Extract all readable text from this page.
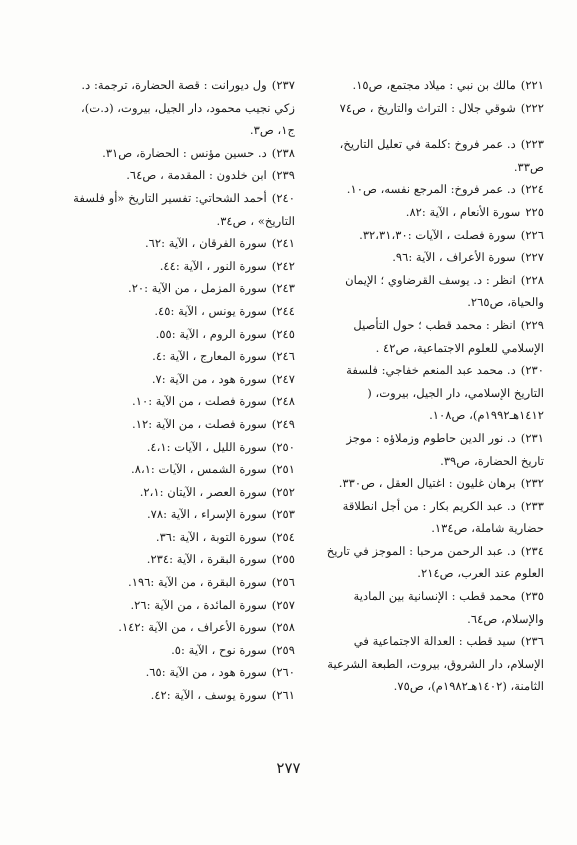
٢٢١)مالك بن نبي : ميلاد مجتمع، ص١٥.

٢٢٢)شوقي جلال : التراث والتاريخ ، ص٧٤

٢٢٣)د. عمر فروخ :كلمة في تعليل التاريخ، ص٣٣.

٢٢٤)د. عمر فروخ: المرجع نفسه، ص١٠.

٢٢٥سورة الأنعام ، الآية :٨٢.

٢٢٦)سورة فصلت ، الآيات :٣٢،٣١،٣٠.

٢٢٧)سورة الأعراف ، الآية :٩٦.

٢٢٨)انظر : د. يوسف القرضاوي ؛ الإيمان والحياة، ص٢٦٥.

٢٢٩)انظر : محمد قطب ؛ حول التأصيل الإسلامي للعلوم الاجتماعية، ص٤٢ .

٢٣٠)د. محمد عبد المنعم خفاجي: فلسفة التاريخ الإسلامي، دار الجيل، بيروت، ( ١٤١٢هـ١٩٩٢م)، ص١٠٨.

٢٣١)د. نور الدين حاطوم وزملاؤه : موجز تاريخ الحضارة، ص٣٩.

٢٣٢)برهان غليون : اغتيال العقل ، ص٣٣٠.

٢٣٣)د. عبد الكريم بكار : من أجل انطلاقة حضارية شاملة، ص١٣٤.

٢٣٤)د. عبد الرحمن مرحبا : الموجز في تاريخ العلوم عند العرب، ص٢١٤.

٢٣٥)محمد قطب : الإنسانية بين المادية والإسلام، ص٦٤.

٢٣٦)سيد قطب : العدالة الاجتماعية في الإسلام، دار الشروق، بيروت، الطبعة الشرعية الثامنة، (١٤٠٢هـ١٩٨٢م)، ص٧٥.

٢٣٧)ول ديورانت : قصة الحضارة، ترجمة: د. زكي نجيب محمود، دار الجيل، بيروت، (د.ت)، ج١، ص٣.

٢٣٨)د. حسين مؤنس : الحضارة، ص٣١.

٢٣٩)ابن خلدون : المقدمة ، ص٦٤.

٢٤٠)أحمد الشحاتي: تفسير التاريخ «أو فلسفة التاريخ» ، ص٣٤.

٢٤١)سورة الفرقان ، الآية :٦٢.

٢٤٢)سورة النور ، الآية :٤٤.

٢٤٣)سورة المزمل ، من الآية :٢٠.

٢٤٤)سورة يونس ، الآية :٤٥.

٢٤٥)سورة الروم ، الآية :٥٥.

٢٤٦)سورة المعارج ، الآية :٤.

٢٤٧)سورة هود ، من الآية :٧.

٢٤٨)سورة فصلت ، من الآية :١٠.

٢٤٩)سورة فصلت ، من الآية :١٢.

٢٥٠)سورة الليل ، الآيات :٤،١.

٢٥١)سورة الشمس ، الآيات :٨،١.

٢٥٢)سورة العصر ، الآيتان :٢،١.

٢٥٣)سورة الإسراء ، الآية :٧٨.

٢٥٤)سورة التوبة ، الآية :٣٦.

٢٥٥)سورة البقرة ، الآية :٢٣٤.

٢٥٦)سورة البقرة ، من الآية :١٩٦.

٢٥٧)سورة المائدة ، من الآية :٢٦.

٢٥٨)سورة الأعراف ، من الآية :١٤٢.

٢٥٩)سورة نوح ، الآية :٥.

٢٦٠)سورة هود ، من الآية :٦٥.

٢٦١)سورة يوسف ، الآية :٤٢.

٢٧٧
